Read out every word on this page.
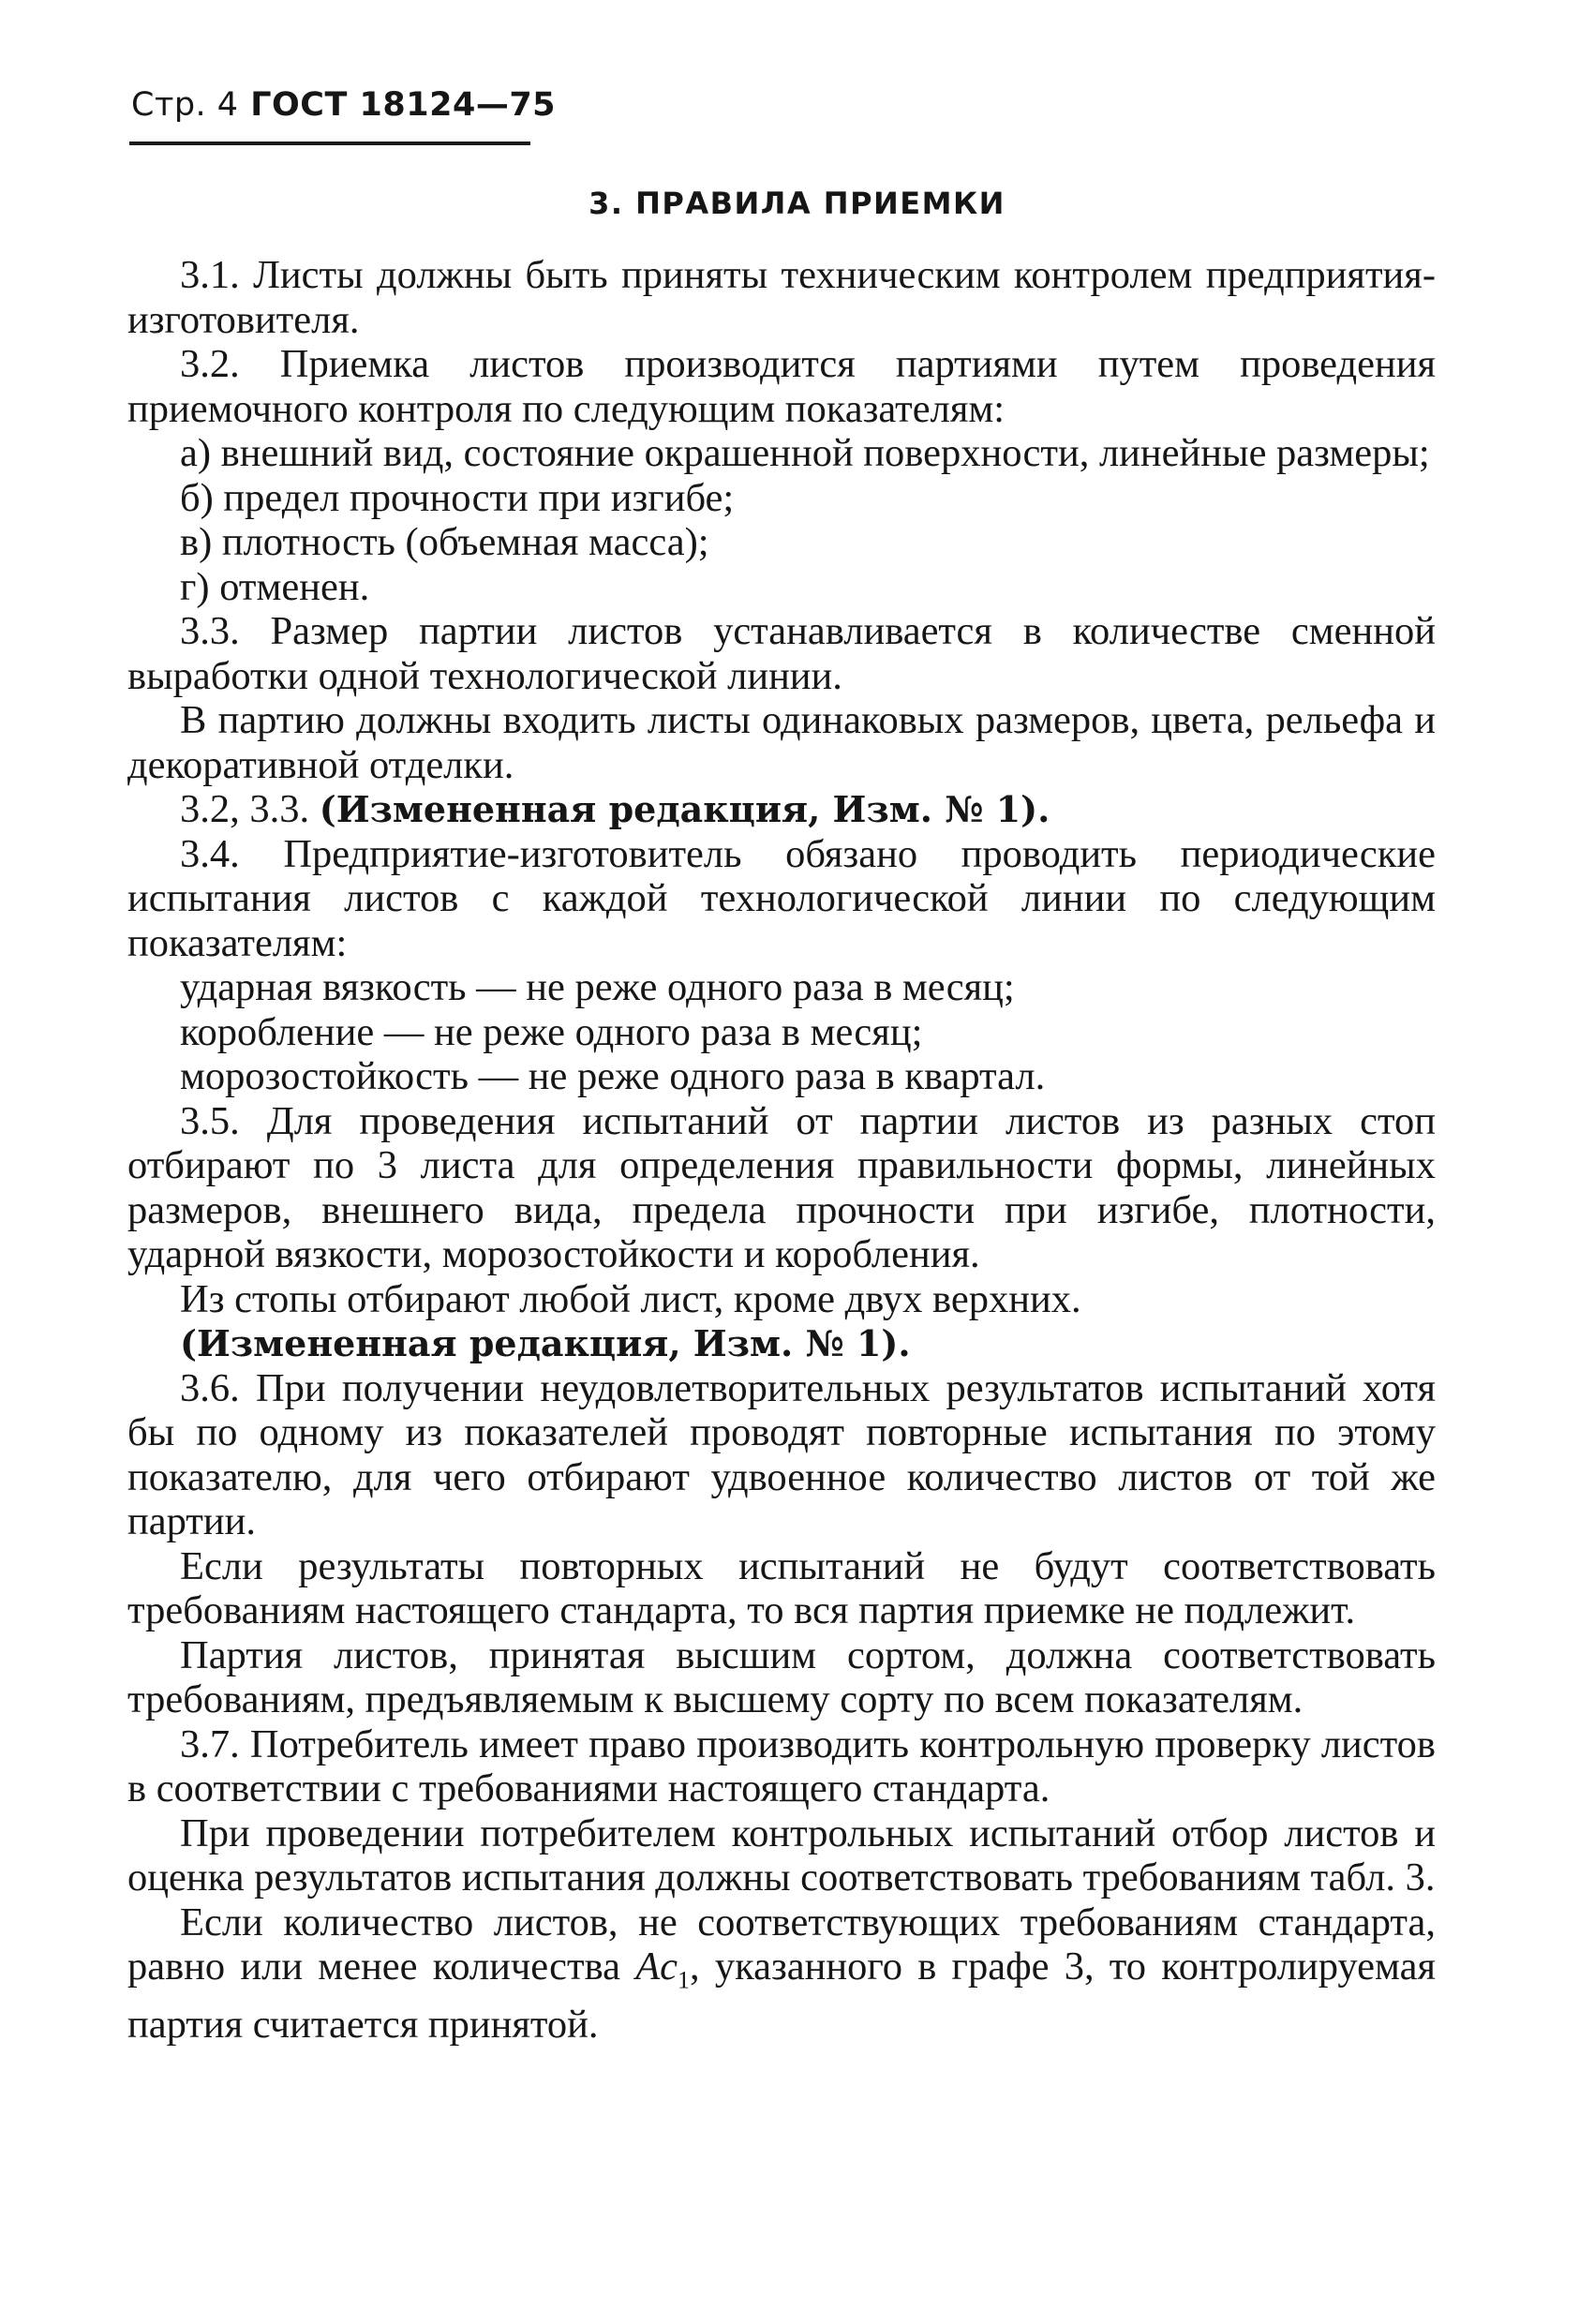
Стр. 4 ГОСТ 18124—75
3. ПРАВИЛА ПРИЕМКИ

3.1. Листы должны быть приняты техническим контролем предприятия-изготовителя.

3.2. Приемка листов производится партиями путем проведения приемочного контроля по следующим показателям:

а) внешний вид, состояние окрашенной поверхности, линейные размеры;

б) предел прочности при изгибе;

в) плотность (объемная масса);

г) отменен.

3.3. Размер партии листов устанавливается в количестве сменной выработки одной технологической линии.

В партию должны входить листы одинаковых размеров, цвета, рельефа и декоративной отделки.

3.2, 3.3. (Измененная редакция, Изм. № 1).

3.4. Предприятие-изготовитель обязано проводить периодические испытания листов с каждой технологической линии по следующим показателям:

ударная вязкость — не реже одного раза в месяц;

коробление — не реже одного раза в месяц;

морозостойкость — не реже одного раза в квартал.

3.5. Для проведения испытаний от партии листов из разных стоп отбирают по 3 листа для определения правильности формы, линейных размеров, внешнего вида, предела прочности при изгибе, плотности, ударной вязкости, морозостойкости и коробления.

Из стопы отбирают любой лист, кроме двух верхних.

(Измененная редакция, Изм. № 1).

3.6. При получении неудовлетворительных результатов испытаний хотя бы по одному из показателей проводят повторные испытания по этому показателю, для чего отбирают удвоенное количество листов от той же партии.

Если результаты повторных испытаний не будут соответствовать требованиям настоящего стандарта, то вся партия приемке не подлежит.

Партия листов, принятая высшим сортом, должна соответствовать требованиям, предъявляемым к высшему сорту по всем показателям.

3.7. Потребитель имеет право производить контрольную проверку листов в соответствии с требованиями настоящего стандарта.

При проведении потребителем контрольных испытаний отбор листов и оценка результатов испытания должны соответствовать требованиям табл. 3.

Если количество листов, не соответствующих требованиям стандарта, равно или менее количества $Ac_1$, указанного в графе 3, то контролируемая партия считается принятой.
